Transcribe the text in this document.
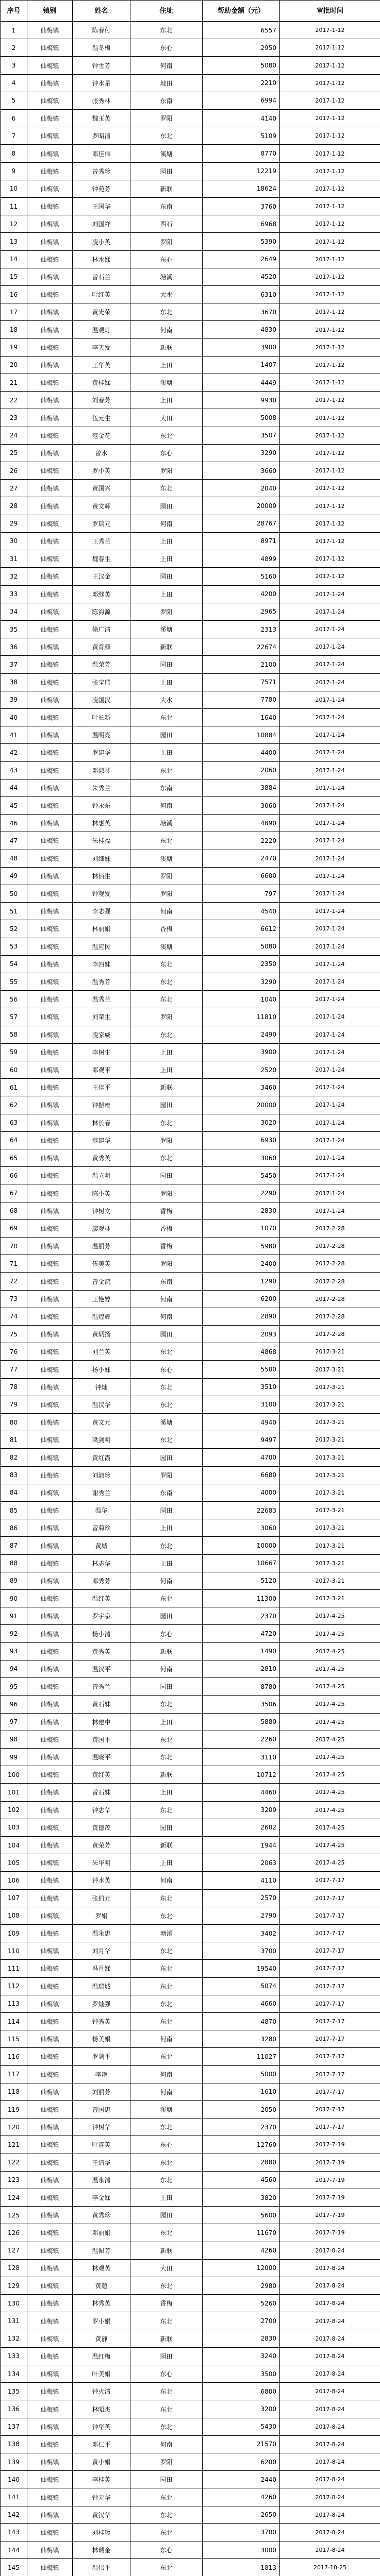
序号	镇别	姓名	住址	帮助金额（元）	审批时间
1	仙梅镇	陈春付	东北	6557	2017-1-12
2	仙梅镇	温冬梅	东心	2950	2017-1-12
3	仙梅镇	钟雪芳	何南	5080	2017-1-12
4	仙梅镇	钟水星	地田	2210	2017-1-12
5	仙梅镇	张秀林	东南	6994	2017-1-12
6	仙梅镇	魏玉英	罗阳	4140	2017-1-12
7	仙梅镇	罗昭清	东北	5109	2017-1-12
8	仙梅镇	邓佳伟	溪塘	8770	2017-1-12
9	仙梅镇	曾秀珍	园田	12219	2017-1-12
10	仙梅镇	钟苑芳	新联	18624	2017-1-12
11	仙梅镇	王国华	东南	3760	2017-1-12
12	仙梅镇	刘国祥	西石	6968	2017-1-12
13	仙梅镇	凌小英	罗阳	5390	2017-1-12
14	仙梅镇	林水娣	东心	2649	2017-1-12
15	仙梅镇	曾石兰	塘溪	4520	2017-1-12
16	仙梅镇	叶红英	大水	6310	2017-1-12
17	仙梅镇	黄光荣	东北	3670	2017-1-12
18	仙梅镇	温观灯	何南	4830	2017-1-12
19	仙梅镇	李天发	新联	3900	2017-1-12
20	仙梅镇	王华英	上田	1407	2017-1-12
21	仙梅镇	黄桂娣	溪塘	4449	2017-1-12
22	仙梅镇	刘春芳	上田	9930	2017-1-12
23	仙梅镇	伍元生	大田	5008	2017-1-12
24	仙梅镇	范金花	东北	3507	2017-1-12
25	仙梅镇	曾水	东心	3290	2017-1-12
26	仙梅镇	罗小英	罗阳	3660	2017-1-12
27	仙梅镇	黄国兴	东北	2040	2017-1-12
28	仙梅镇	黄文辉	园田	20000	2017-1-12
29	仙梅镇	罗瑞元	何南	28767	2017-1-12
30	仙梅镇	王秀兰	上田	8971	2017-1-12
31	仙梅镇	魏春生	上田	4899	2017-1-12
32	仙梅镇	王汉金	园田	5160	2017-1-12
33	仙梅镇	邓继英	上田	4200	2017-1-24
34	仙梅镇	陈海源	罗阳	2965	2017-1-24
35	仙梅镇	徐广清	溪塘	2313	2017-1-24
36	仙梅镇	黄育颜	新联	22674	2017-1-24
37	仙梅镇	温荣芳	园田	2100	2017-1-24
38	仙梅镇	张宝瑞	上田	7571	2017-1-24
39	仙梅镇	凌国汉	大水	7780	2017-1-24
40	仙梅镇	叶长新	东北	1640	2017-1-24
41	仙梅镇	温明亮	园田	10884	2017-1-24
42	仙梅镇	罗建华	上田	4400	2017-1-24
43	仙梅镇	邓淑琴	东北	2060	2017-1-24
44	仙梅镇	朱秀兰	东南	3884	2017-1-24
45	仙梅镇	钟永东	何南	3060	2017-1-24
46	仙梅镇	林惠英	塘溪	4890	2017-1-24
47	仙梅镇	朱桂福	东北	2220	2017-1-24
48	仙梅镇	刘细妹	溪塘	2470	2017-1-24
49	仙梅镇	林佰生	罗阳	6600	2017-1-24
50	仙梅镇	钟观发	罗阳	797	2017-1-24
51	仙梅镇	李志强	何南	4540	2017-1-24
52	仙梅镇	林丽娟	香梅	6612	2017-1-24
53	仙梅镇	温应民	溪塘	5080	2017-1-24
54	仙梅镇	李四妹	东北	2350	2017-1-24
55	仙梅镇	温秀芳	东北	3290	2017-1-24
56	仙梅镇	温秀兰	东北	1040	2017-1-24
57	仙梅镇	刘荣生	罗阳	11810	2017-1-24
58	仙梅镇	凌家威	东北	2490	2017-1-24
59	仙梅镇	李树生	上田	3900	2017-1-24
60	仙梅镇	邓观平	上田	2520	2017-1-24
61	仙梅镇	王佳平	新联	3460	2017-1-24
62	仙梅镇	钟振雄	园田	20000	2017-1-24
63	仙梅镇	林长春	东北	3020	2017-1-24
64	仙梅镇	范建华	罗阳	6930	2017-1-24
65	仙梅镇	黄秀英	东北	3060	2017-1-24
66	仙梅镇	温立明	园田	5450	2017-1-24
67	仙梅镇	陈小英	罗阳	2290	2017-1-24
68	仙梅镇	钟树文	香梅	2830	2017-1-24
69	仙梅镇	廖观林	香梅	1070	2017-2-28
70	仙梅镇	温丽芳	香梅	5980	2017-2-28
71	仙梅镇	伍美英	罗阳	2400	2017-2-28
72	仙梅镇	曾金鸿	东南	1290	2017-2-28
73	仙梅镇	王艳婷	何南	6200	2017-2-28
74	仙梅镇	温煌辉	何南	2890	2017-2-28
75	仙梅镇	黄炳扬	园田	2093	2017-2-28
76	仙梅镇	刘兰英	东北	4868	2017-3-21
77	仙梅镇	杨小妹	东心	5500	2017-3-21
78	仙梅镇	钟灿	东北	3510	2017-3-21
79	仙梅镇	温汉华	东北	3100	2017-3-21
80	仙梅镇	黄文元	溪塘	4940	2017-3-21
81	仙梅镇	梁剑明	东北	9497	2017-3-21
82	仙梅镇	黄红霞	园田	4700	2017-3-21
83	仙梅镇	刘淑珍	罗阳	6680	2017-3-21
84	仙梅镇	谢秀兰	东南	4000	2017-3-21
85	仙梅镇	温华	园田	22683	2017-3-21
86	仙梅镇	曾菊珍	上田	3060	2017-3-21
87	仙梅镇	黄城	东北	10000	2017-3-21
88	仙梅镇	林志华	上田	10667	2017-3-21
89	仙梅镇	邓秀芳	何南	5120	2017-3-21
90	仙梅镇	温红英	东北	11300	2017-3-21
91	仙梅镇	罗宇泉	园田	2370	2017-4-25
92	仙梅镇	杨小清	东心	4720	2017-4-25
93	仙梅镇	黄秀英	新联	1490	2017-4-25
94	仙梅镇	温汉平	何南	2810	2017-4-25
95	仙梅镇	曾秀兰	园田	8780	2017-4-25
96	仙梅镇	黄石妹	东北	3506	2017-4-25
97	仙梅镇	林建中	上田	5880	2017-4-25
98	仙梅镇	黄国平	东北	2260	2017-4-25
99	仙梅镇	温晓平	东北	3110	2017-4-25
100	仙梅镇	黄红英	新联	10712	2017-4-25
101	仙梅镇	曾石妹	上田	4460	2017-4-25
102	仙梅镇	钟志华	东北	3200	2017-4-25
103	仙梅镇	黄德茂	园田	2602	2017-4-25
104	仙梅镇	黄荣芳	新联	1944	2017-4-25
105	仙梅镇	朱华明	上田	2063	2017-4-25
106	仙梅镇	钟水英	何南	4110	2017-7-17
107	仙梅镇	张伯元	东北	2570	2017-7-17
108	仙梅镇	罗娟	东北	2790	2017-7-17
109	仙梅镇	温永忠	塘溪	3402	2017-7-17
110	仙梅镇	刘月华	东北	3700	2017-7-17
111	仙梅镇	冯月娣	东北	19540	2017-7-17
112	仙梅镇	温瑞城	东北	5074	2017-7-17
113	仙梅镇	罗灿强	东北	4660	2017-7-17
114	仙梅镇	钟秀英	东北	4870	2017-7-17
115	仙梅镇	杨美娟	何南	3280	2017-7-17
116	仙梅镇	罗剑平	东北	11027	2017-7-17
117	仙梅镇	李艳	何南	5000	2017-7-17
118	仙梅镇	刘丽芳	何南	1610	2017-7-17
119	仙梅镇	曾国忠	溪塘	2050	2017-7-17
120	仙梅镇	钟树华	东北	2370	2017-7-17
121	仙梅镇	叶连英	东心	12760	2017-7-19
122	仙梅镇	王清华	东北	2880	2017-7-19
123	仙梅镇	温永清	东北	4560	2017-7-19
124	仙梅镇	李金娣	上田	3820	2017-7-19
125	仙梅镇	黄秀珍	园田	5600	2017-7-19
126	仙梅镇	邓丽娟	东北	11670	2017-7-19
127	仙梅镇	温佩芳	新联	4260	2017-8-24
128	仙梅镇	林观英	大田	12000	2017-8-24
129	仙梅镇	黄超	东北	2980	2017-8-24
130	仙梅镇	林秀英	香梅	5260	2017-8-24
131	仙梅镇	罗小娟	东北	2700	2017-8-24
132	仙梅镇	黄静	新联	2830	2017-8-24
133	仙梅镇	温红梅	园田	3240	2017-8-24
134	仙梅镇	叶美娟	东心	3500	2017-8-24
135	仙梅镇	钟火清	东北	6800	2017-8-24
136	仙梅镇	林昭杰	东北	3200	2017-8-24
137	仙梅镇	钟华英	东北	5430	2017-8-24
138	仙梅镇	邓仁平	何南	21570	2017-8-24
139	仙梅镇	黄小娟	罗阳	6200	2017-8-24
140	仙梅镇	李桂英	园田	2440	2017-8-24
141	仙梅镇	钟元华	东北	4260	2017-8-24
142	仙梅镇	黄汉华	东北	2650	2017-8-24
143	仙梅镇	刘桂珍	东北	3700	2017-8-24
144	仙梅镇	林瑞金	东心	3000	2017-8-24
145	仙梅镇	温伟平	东北	1813	2017-10-25
